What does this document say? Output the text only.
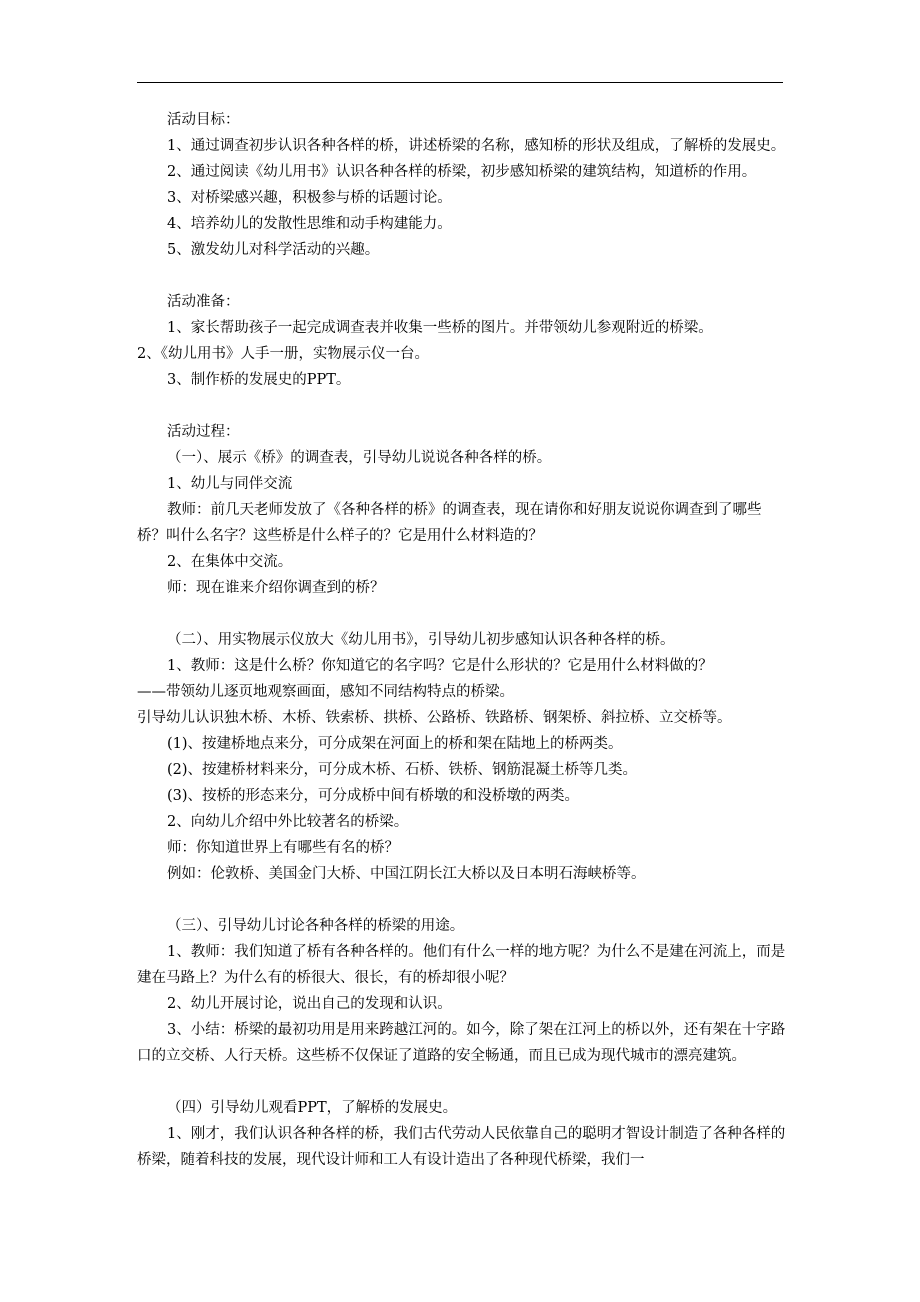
活动目标：

1、通过调查初步认识各种各样的桥，讲述桥梁的名称，感知桥的形状及组成，了解桥的发展史。

2、通过阅读《幼儿用书》认识各种各样的桥梁，初步感知桥梁的建筑结构，知道桥的作用。

3、对桥梁感兴趣，积极参与桥的话题讨论。

4、培养幼儿的发散性思维和动手构建能力。

5、激发幼儿对科学活动的兴趣。

活动准备：

1、家长帮助孩子一起完成调查表并收集一些桥的图片。并带领幼儿参观附近的桥梁。

2、《幼儿用书》人手一册，实物展示仪一台。

3、制作桥的发展史的PPT。

活动过程：

（一）、展示《桥》的调查表，引导幼儿说说各种各样的桥。

1、幼儿与同伴交流

教师：前几天老师发放了《各种各样的桥》的调查表，现在请你和好朋友说说你调查到了哪些桥？叫什么名字？这些桥是什么样子的？它是用什么材料造的？

2、在集体中交流。

师：现在谁来介绍你调查到的桥？

（二）、用实物展示仪放大《幼儿用书》，引导幼儿初步感知认识各种各样的桥。

1、教师：这是什么桥？你知道它的名字吗？它是什么形状的？它是用什么材料做的？

——带领幼儿逐页地观察画面，感知不同结构特点的桥梁。

引导幼儿认识独木桥、木桥、铁索桥、拱桥、公路桥、铁路桥、钢架桥、斜拉桥、立交桥等。

(1)、按建桥地点来分，可分成架在河面上的桥和架在陆地上的桥两类。

(2)、按建桥材料来分，可分成木桥、石桥、铁桥、钢筋混凝土桥等几类。

(3)、按桥的形态来分，可分成桥中间有桥墩的和没桥墩的两类。

2、向幼儿介绍中外比较著名的桥梁。

师：你知道世界上有哪些有名的桥？

例如：伦敦桥、美国金门大桥、中国江阴长江大桥以及日本明石海峡桥等。

（三）、引导幼儿讨论各种各样的桥梁的用途。

1、教师：我们知道了桥有各种各样的。他们有什么一样的地方呢？为什么不是建在河流上，而是建在马路上？为什么有的桥很大、很长，有的桥却很小呢？

2、幼儿开展讨论，说出自己的发现和认识。

3、小结：桥梁的最初功用是用来跨越江河的。如今，除了架在江河上的桥以外，还有架在十字路口的立交桥、人行天桥。这些桥不仅保证了道路的安全畅通，而且已成为现代城市的漂亮建筑。

（四）引导幼儿观看PPT，了解桥的发展史。

1、刚才，我们认识各种各样的桥，我们古代劳动人民依靠自己的聪明才智设计制造了各种各样的桥梁，随着科技的发展，现代设计师和工人有设计造出了各种现代桥梁，我们一
